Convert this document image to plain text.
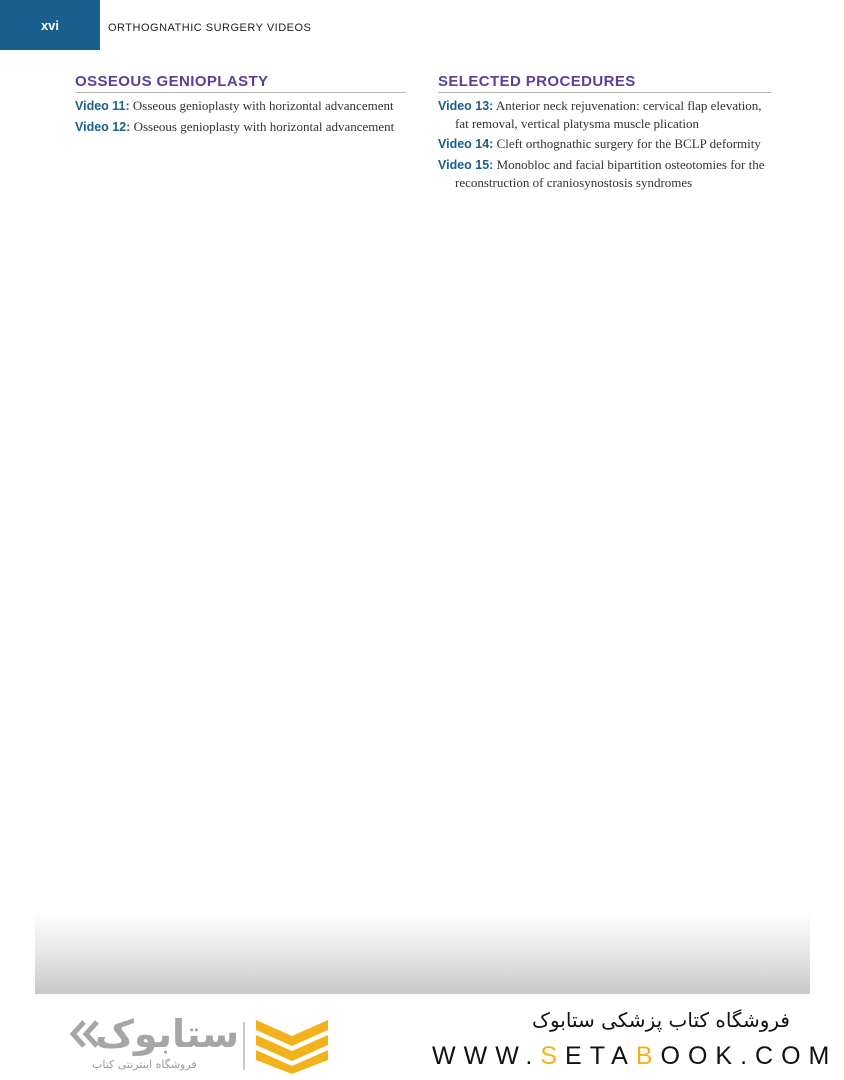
xvi	ORTHOGNATHIC SURGERY VIDEOS
OSSEOUS GENIOPLASTY
Video 11: Osseous genioplasty with horizontal advancement
Video 12: Osseous genioplasty with horizontal advancement
SELECTED PROCEDURES
Video 13: Anterior neck rejuvenation: cervical flap elevation, fat removal, vertical platysma muscle plication
Video 14: Cleft orthognathic surgery for the BCLP deformity
Video 15: Monobloc and facial bipartition osteotomies for the reconstruction of craniosynostosis syndromes
ستابوک
فروشگاه اینترنتی کتاب
فروشگاه کتاب پزشکی ستابوک
WWW.SETABOOK.COM
